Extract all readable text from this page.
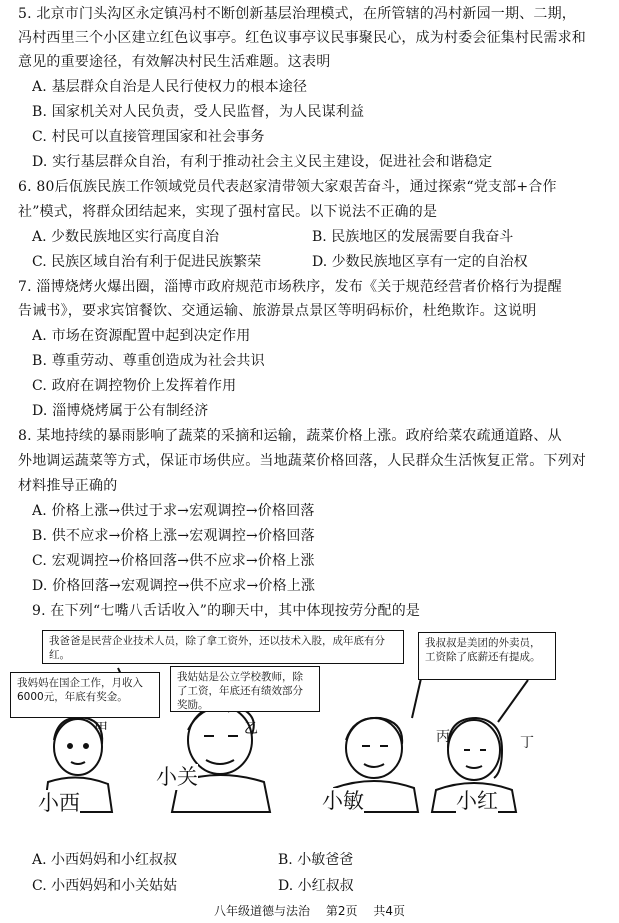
5. 北京市门头沟区永定镇冯村不断创新基层治理模式，在所管辖的冯村新园一期、二期，
冯村西里三个小区建立红色议事亭。红色议事亭议民事聚民心，成为村委会征集村民需求和
意见的重要途径，有效解决村民生活难题。这表明
A. 基层群众自治是人民行使权力的根本途径
B. 国家机关对人民负责，受人民监督，为人民谋利益
C. 村民可以直接管理国家和社会事务
D. 实行基层群众自治，有利于推动社会主义民主建设，促进社会和谐稳定
6. 80后佤族民族工作领域党员代表赵家清带领大家艰苦奋斗，通过探索“党支部+合作
社”模式，将群众团结起来，实现了强村富民。以下说法不正确的是
A. 少数民族地区实行高度自治	B. 民族地区的发展需要自我奋斗
C. 民族区域自治有利于促进民族繁荣	D. 少数民族地区享有一定的自治权
7. 淄博烧烤火爆出圈，淄博市政府规范市场秩序，发布《关于规范经营者价格行为提醒
告诫书》，要求宾馆餐饮、交通运输、旅游景点景区等明码标价，杜绝欺诈。这说明
A. 市场在资源配置中起到决定作用
B. 尊重劳动、尊重创造成为社会共识
C. 政府在调控物价上发挥着作用
D. 淄博烧烤属于公有制经济
8. 某地持续的暴雨影响了蔬菜的采摘和运输，蔬菜价格上涨。政府给菜农疏通道路、从
外地调运蔬菜等方式，保证市场供应。当地蔬菜价格回落，人民群众生活恢复正常。下列对
材料推导正确的
A. 价格上涨→供过于求→宏观调控→价格回落
B. 供不应求→价格上涨→宏观调控→价格回落
C. 宏观调控→价格回落→供不应求→价格上涨
D. 价格回落→宏观调控→供不应求→价格上涨
9. 在下列“七嘴八舌话收入”的聊天中，其中体现按劳分配的是
我爸爸是民营企业技术人员，除了拿工资外，还以技术入股，成年底有分红。
我叔叔是美团的外卖员，工资除了底薪还有提成。
我妈妈在国企工作，月收入6000元，年底有奖金。
我姑姑是公立学校教师，除了工资，年底还有绩效部分奖励。
甲	乙	丙	丁
小西
小关
小敏	小红
A. 小西妈妈和小红叔叔	B. 小敏爸爸
C. 小西妈妈和小关姑姑	D. 小红叔叔
八年级道德与法治 第2页 共4页
